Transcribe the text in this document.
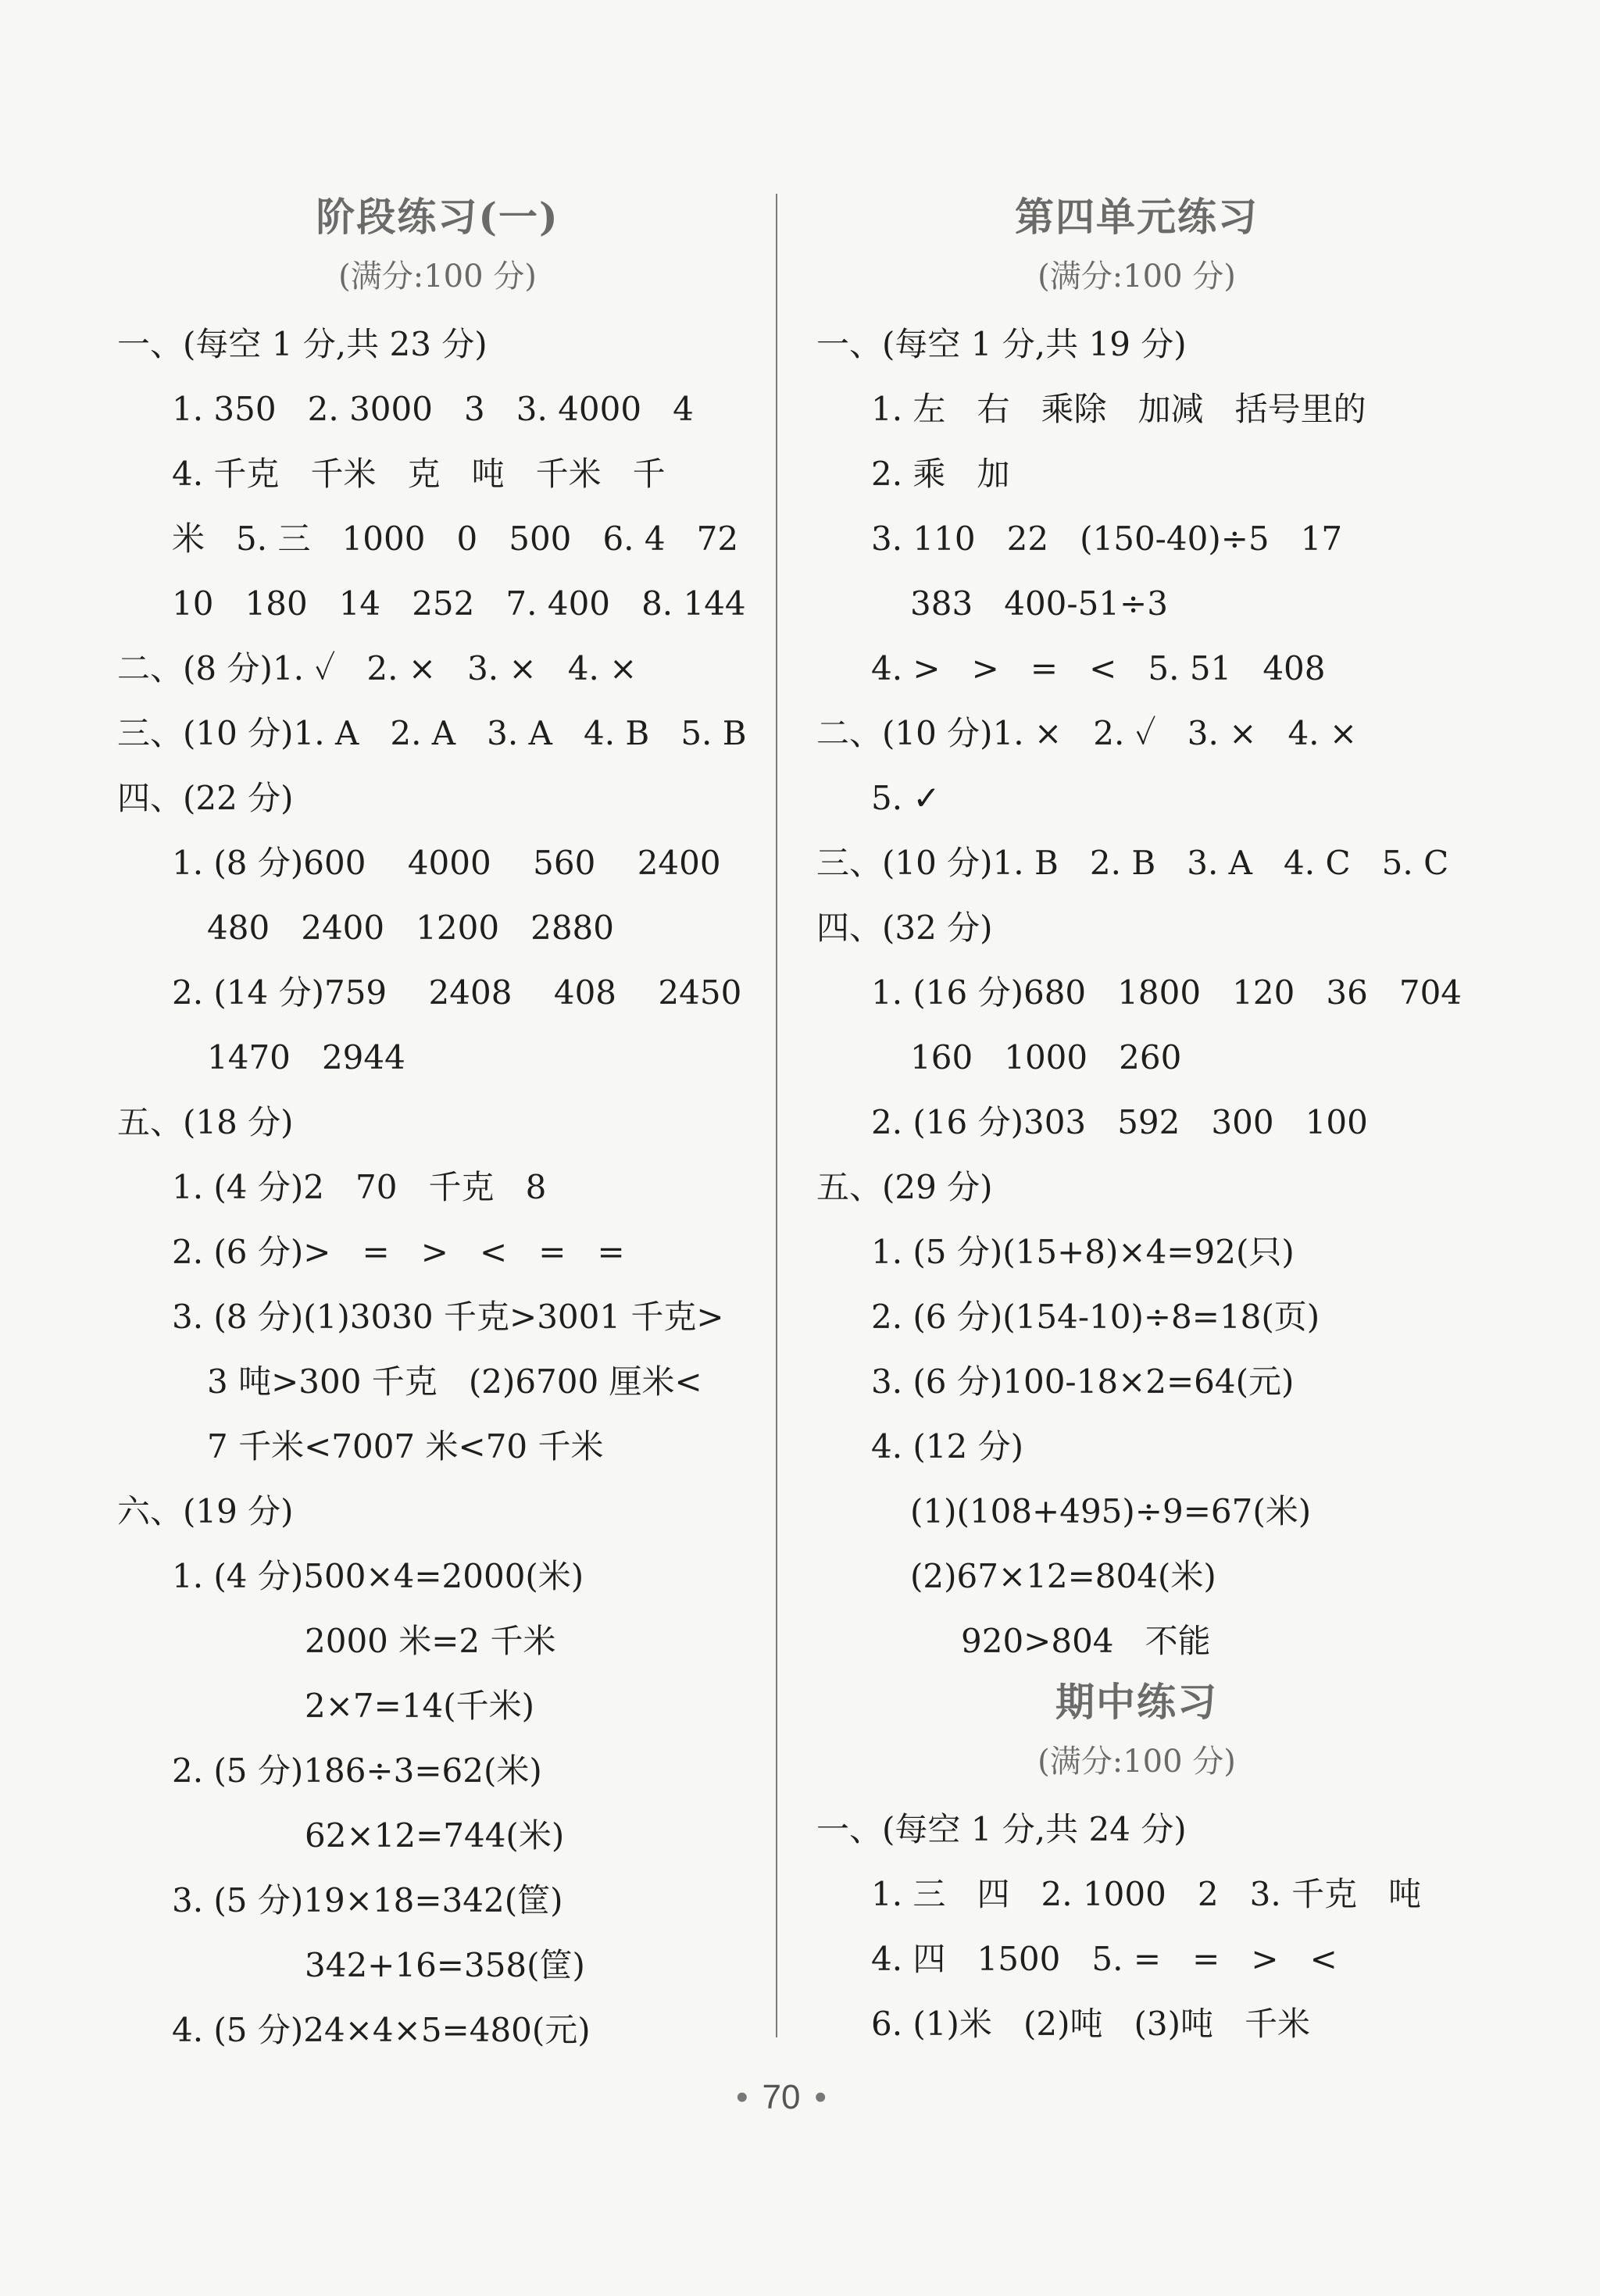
阶段练习(一)
(满分:100 分)
一、(每空 1 分,共 23 分)
1. 350   2. 3000   3   3. 4000   4
4. 千克   千米   克   吨   千米   千
米   5. 三   1000   0   500   6. 4   72
10   180   14   252   7. 400   8. 144
二、(8 分)1. ✓   2. ×   3. ×   4. ×
三、(10 分)1. A   2. A   3. A   4. B   5. B
四、(22 分)
1. (8 分)600    4000    560    2400
480   2400   1200   2880
2. (14 分)759    2408    408    2450
1470   2944
五、(18 分)
1. (4 分)2   70   千克   8
2. (6 分)>   =   >   <   =   =
3. (8 分)(1)3030 千克>3001 千克>
3 吨>300 千克   (2)6700 厘米<
7 千米<7007 米<70 千米
六、(19 分)
1. (4 分)500×4=2000(米)
2000 米=2 千米
2×7=14(千米)
2. (5 分)186÷3=62(米)
62×12=744(米)
3. (5 分)19×18=342(筐)
342+16=358(筐)
4. (5 分)24×4×5=480(元)
第四单元练习
(满分:100 分)
一、(每空 1 分,共 19 分)
1. 左   右   乘除   加减   括号里的
2. 乘   加
3. 110   22   (150-40)÷5   17
383   400-51÷3
4. >   >   =   <   5. 51   408
二、(10 分)1. ×   2. ✓   3. ×   4. ×
5. ✓
三、(10 分)1. B   2. B   3. A   4. C   5. C
四、(32 分)
1. (16 分)680   1800   120   36   704
160   1000   260
2. (16 分)303   592   300   100
五、(29 分)
1. (5 分)(15+8)×4=92(只)
2. (6 分)(154-10)÷8=18(页)
3. (6 分)100-18×2=64(元)
4. (12 分)
(1)(108+495)÷9=67(米)
(2)67×12=804(米)
920>804   不能
期中练习
(满分:100 分)
一、(每空 1 分,共 24 分)
1. 三   四   2. 1000   2   3. 千克   吨
4. 四   1500   5. =   =   >   <
6. (1)米   (2)吨   (3)吨   千米
• 70 •
